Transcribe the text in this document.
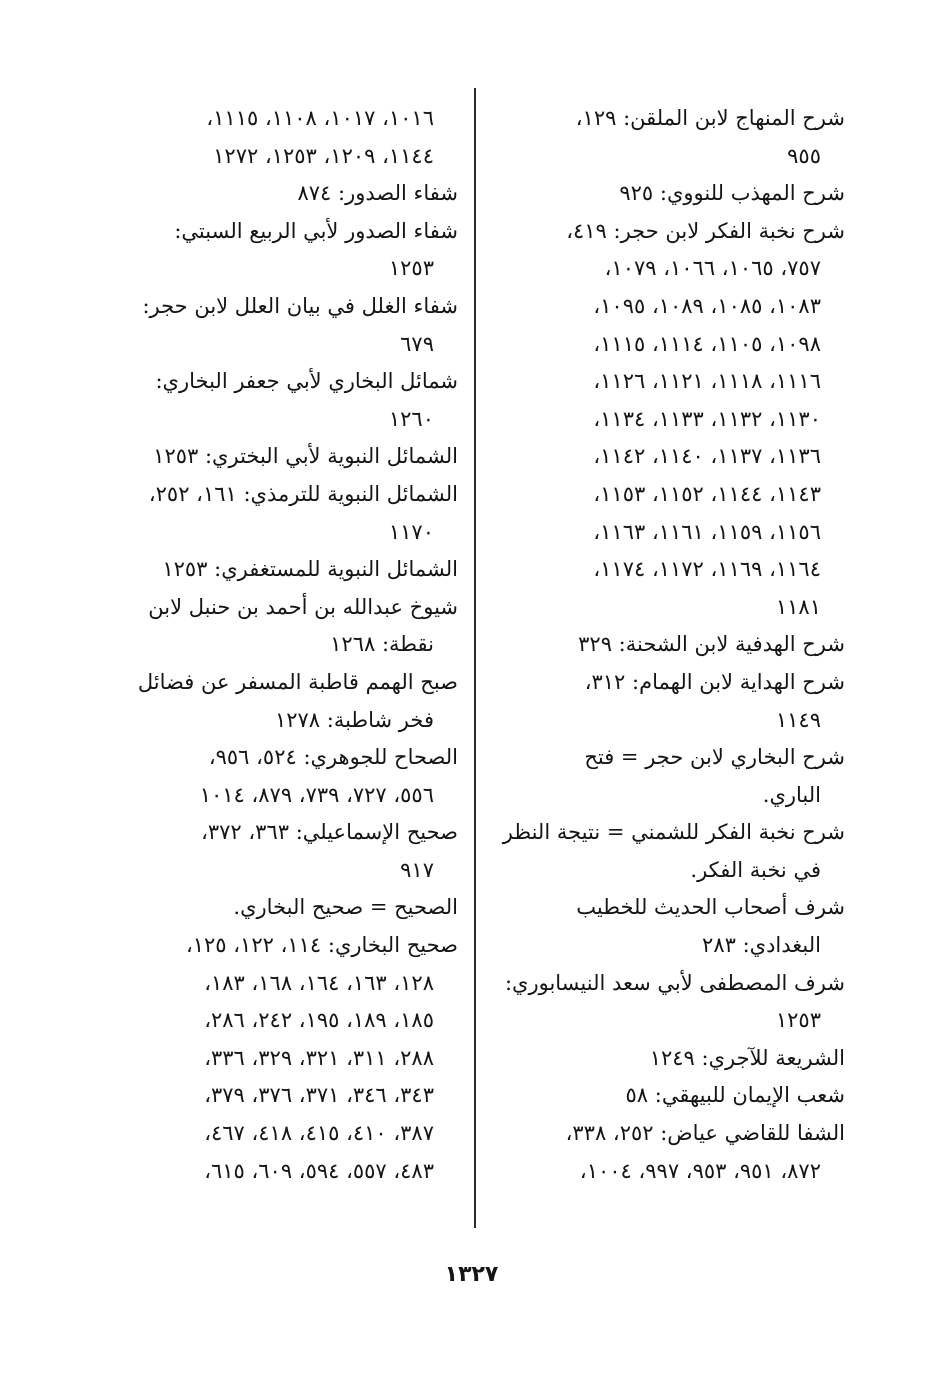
شرح المنهاج لابن الملقن: ١٢٩،
٩٥٥
شرح المهذب للنووي: ٩٢٥
شرح نخبة الفكر لابن حجر: ٤١٩،
٧٥٧، ١٠٦٥، ١٠٦٦، ١٠٧٩،
١٠٨٣، ١٠٨٥، ١٠٨٩، ١٠٩٥،
١٠٩٨، ١١٠٥، ١١١٤، ١١١٥،
١١١٦، ١١١٨، ١١٢١، ١١٢٦،
١١٣٠، ١١٣٢، ١١٣٣، ١١٣٤،
١١٣٦، ١١٣٧، ١١٤٠، ١١٤٢،
١١٤٣، ١١٤٤، ١١٥٢، ١١٥٣،
١١٥٦، ١١٥٩، ١١٦١، ١١٦٣،
١١٦٤، ١١٦٩، ١١٧٢، ١١٧٤،
١١٨١
شرح الهدفية لابن الشحنة: ٣٢٩
شرح الهداية لابن الهمام: ٣١٢،
١١٤٩
شرح البخاري لابن حجر = فتح
الباري.
شرح نخبة الفكر للشمني = نتيجة النظر
في نخبة الفكر.
شرف أصحاب الحديث للخطيب
البغدادي: ٢٨٣
شرف المصطفى لأبي سعد النيسابوري:
١٢٥٣
الشريعة للآجري: ١٢٤٩
شعب الإيمان للبيهقي: ٥٨
الشفا للقاضي عياض: ٢٥٢، ٣٣٨،
٨٧٢، ٩٥١، ٩٥٣، ٩٩٧، ١٠٠٤،
١٠١٦، ١٠١٧، ١١٠٨، ١١١٥،
١١٤٤، ١٢٠٩، ١٢٥٣، ١٢٧٢
شفاء الصدور: ٨٧٤
شفاء الصدور لأبي الربيع السبتي:
١٢٥٣
شفاء الغلل في بيان العلل لابن حجر:
٦٧٩
شمائل البخاري لأبي جعفر البخاري:
١٢٦٠
الشمائل النبوية لأبي البختري: ١٢٥٣
الشمائل النبوية للترمذي: ١٦١، ٢٥٢،
١١٧٠
الشمائل النبوية للمستغفري: ١٢٥٣
شيوخ عبدالله بن أحمد بن حنبل لابن
نقطة: ١٢٦٨
صبح الهمم قاطبة المسفر عن فضائل
فخر شاطبة: ١٢٧٨
الصحاح للجوهري: ٥٢٤، ٩٥٦،
٥٥٦، ٧٢٧، ٧٣٩، ٨٧٩، ١٠١٤
صحيح الإسماعيلي: ٣٦٣، ٣٧٢،
٩١٧
الصحيح = صحيح البخاري.
صحيح البخاري: ١١٤، ١٢٢، ١٢٥،
١٢٨، ١٦٣، ١٦٤، ١٦٨، ١٨٣،
١٨٥، ١٨٩، ١٩٥، ٢٤٢، ٢٨٦،
٢٨٨، ٣١١، ٣٢١، ٣٢٩، ٣٣٦،
٣٤٣، ٣٤٦، ٣٧١، ٣٧٦، ٣٧٩،
٣٨٧، ٤١٠، ٤١٥، ٤١٨، ٤٦٧،
٤٨٣، ٥٥٧، ٥٩٤، ٦٠٩، ٦١٥،
١٣٢٧
